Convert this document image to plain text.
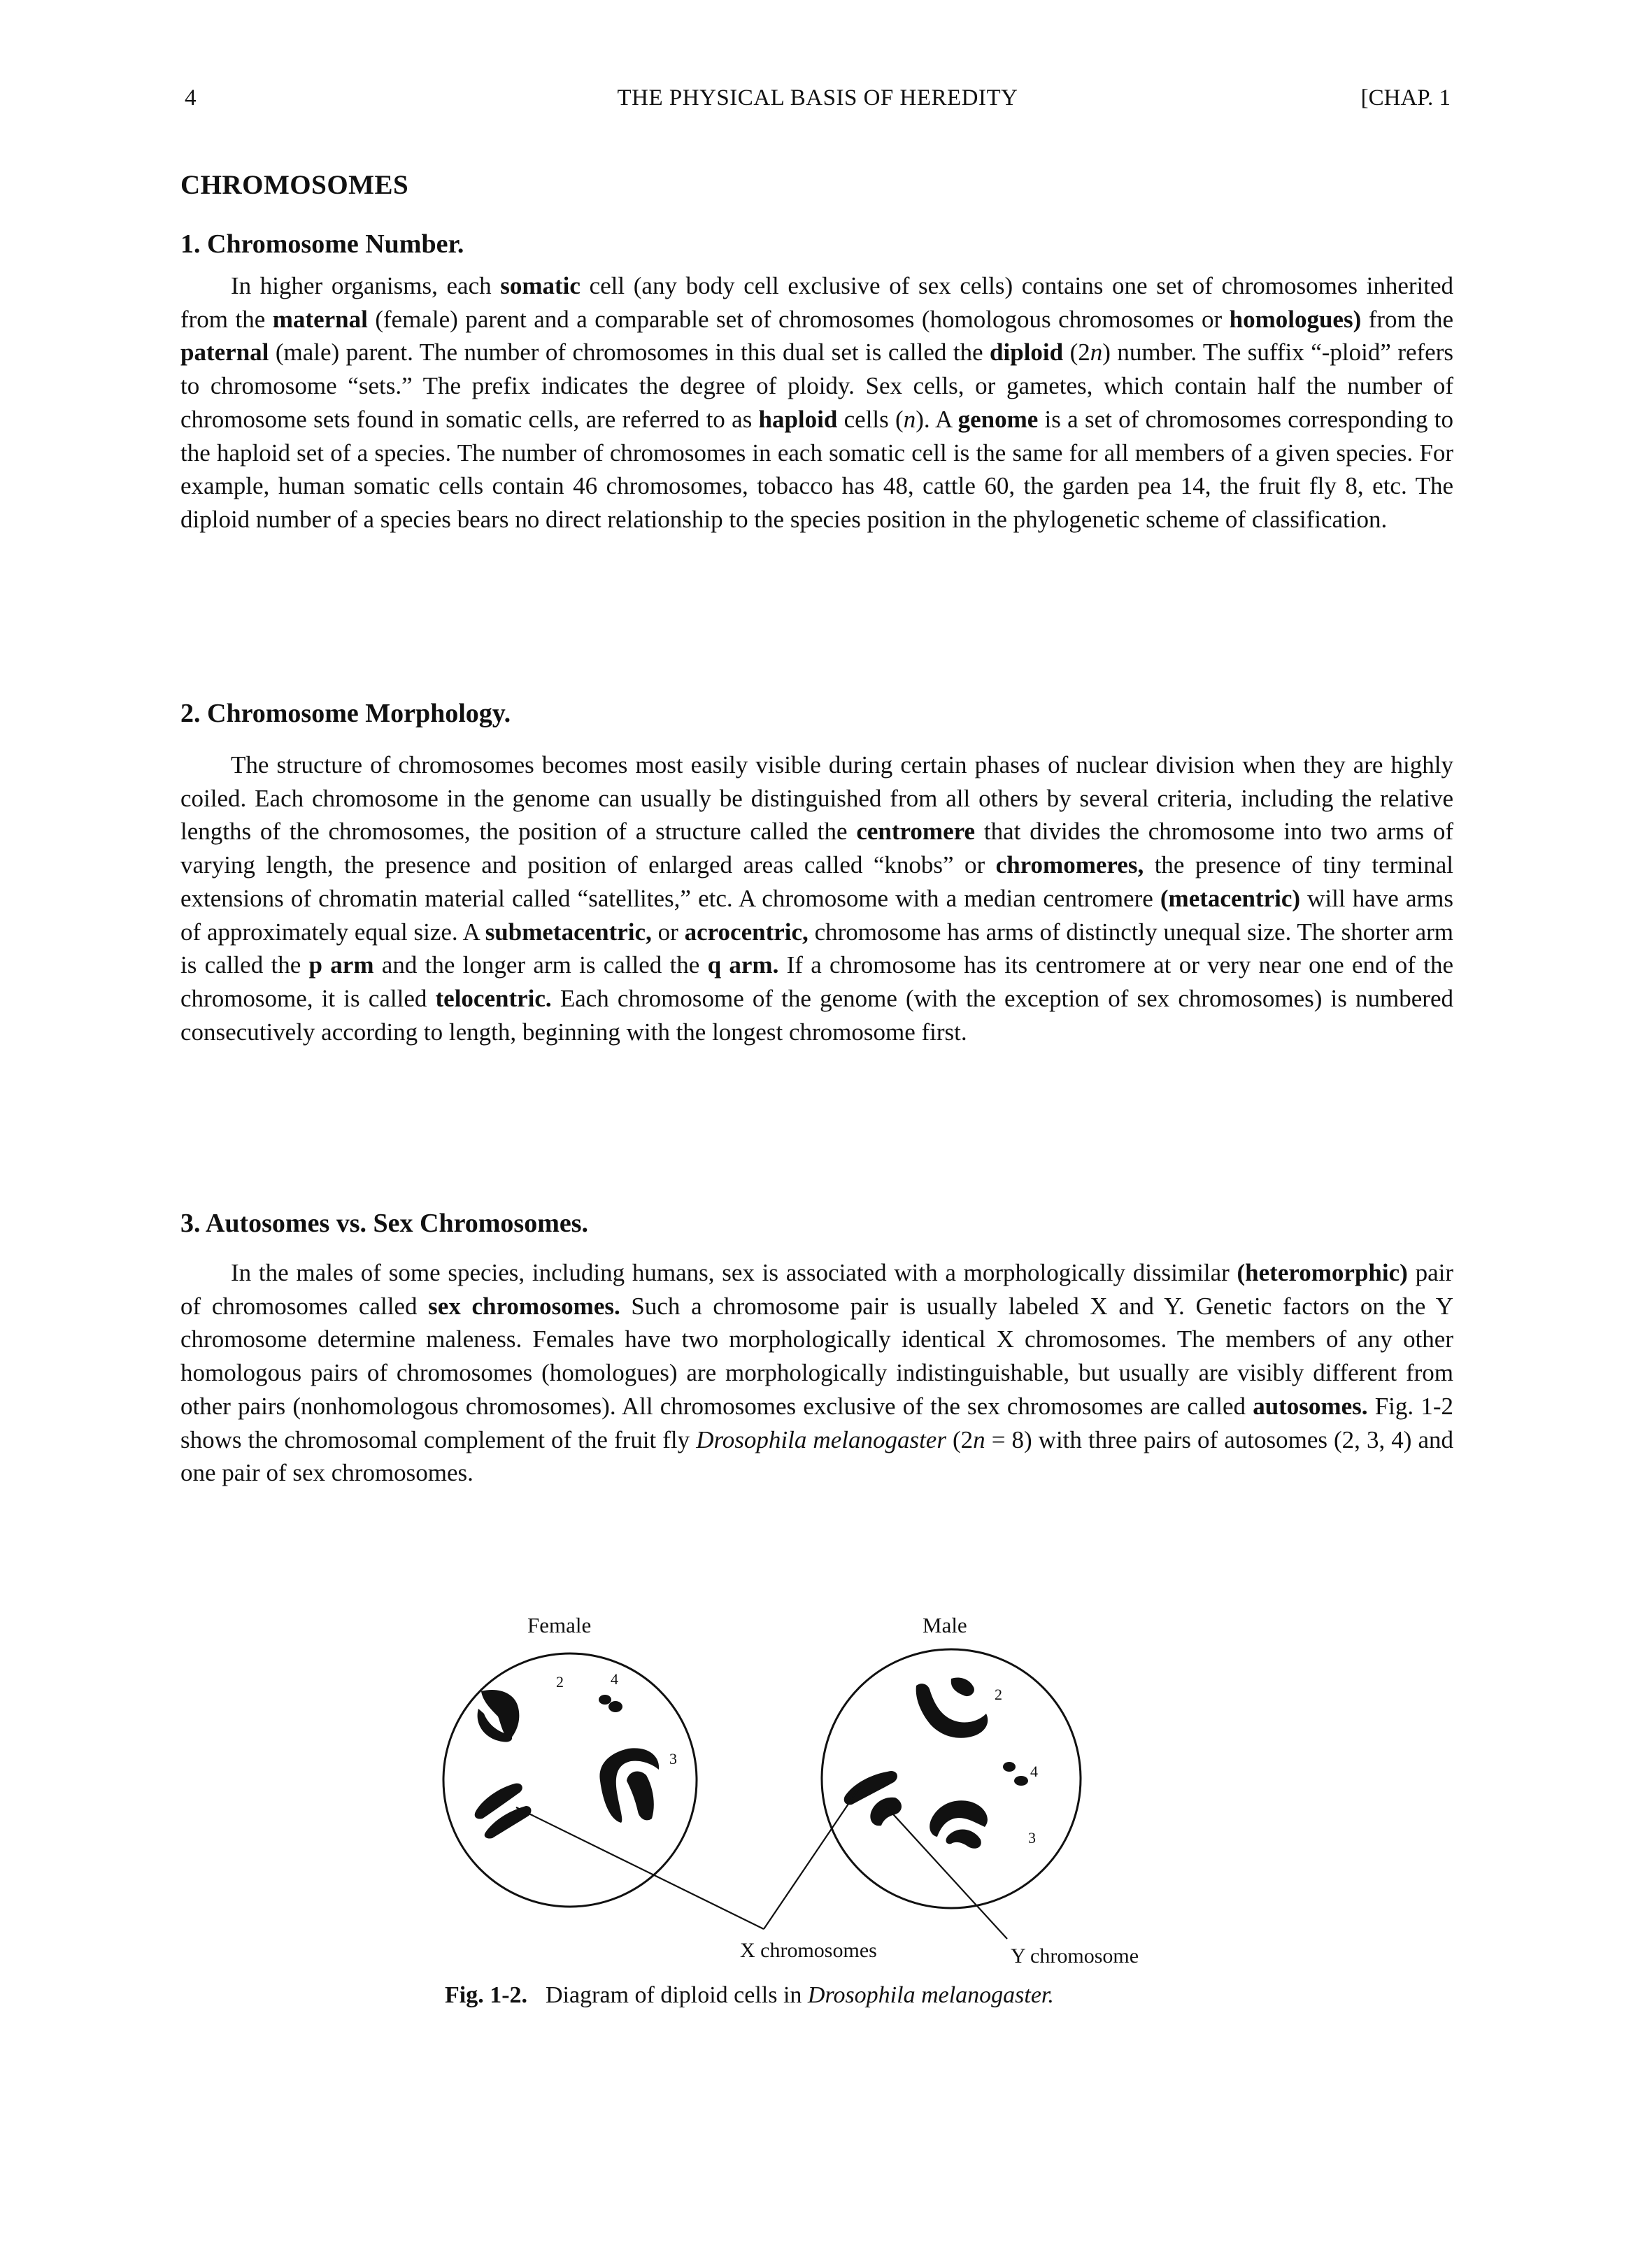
4	THE PHYSICAL BASIS OF HEREDITY	[CHAP. 1
CHROMOSOMES
1. Chromosome Number.

In higher organisms, each somatic cell (any body cell exclusive of sex cells) contains one set of chromosomes inherited from the maternal (female) parent and a comparable set of chromosomes (homologous chromosomes or homologues) from the paternal (male) parent. The number of chromosomes in this dual set is called the diploid (2n) number. The suffix “-ploid” refers to chromosome “sets.” The prefix indicates the degree of ploidy. Sex cells, or gametes, which contain half the number of chromosome sets found in somatic cells, are referred to as haploid cells (n). A genome is a set of chromosomes corresponding to the haploid set of a species. The number of chromosomes in each somatic cell is the same for all members of a given species. For example, human somatic cells contain 46 chromosomes, tobacco has 48, cattle 60, the garden pea 14, the fruit fly 8, etc. The diploid number of a species bears no direct relationship to the species position in the phylogenetic scheme of classification.

2. Chromosome Morphology.

The structure of chromosomes becomes most easily visible during certain phases of nuclear division when they are highly coiled. Each chromosome in the genome can usually be distinguished from all others by several criteria, including the relative lengths of the chromosomes, the position of a structure called the centromere that divides the chromosome into two arms of varying length, the presence and position of enlarged areas called “knobs” or chromomeres, the presence of tiny terminal extensions of chromatin material called “satellites,” etc. A chromosome with a median centromere (metacentric) will have arms of approximately equal size. A submetacentric, or acrocentric, chromosome has arms of distinctly unequal size. The shorter arm is called the p arm and the longer arm is called the q arm. If a chromosome has its centromere at or very near one end of the chromosome, it is called telocentric. Each chromosome of the genome (with the exception of sex chromosomes) is numbered consecutively according to length, beginning with the longest chromosome first.

3. Autosomes vs. Sex Chromosomes.

In the males of some species, including humans, sex is associated with a morphologically dissimilar (heteromorphic) pair of chromosomes called sex chromosomes. Such a chromosome pair is usually labeled X and Y. Genetic factors on the Y chromosome determine maleness. Females have two morphologically identical X chromosomes. The members of any other homologous pairs of chromosomes (homologues) are morphologically indistinguishable, but usually are visibly different from other pairs (nonhomologous chromosomes). All chromosomes exclusive of the sex chromosomes are called autosomes. Fig. 1-2 shows the chromosomal complement of the fruit fly Drosophila melanogaster (2n = 8) with three pairs of autosomes (2, 3, 4) and one pair of sex chromosomes.

Female	Male
2	4
3
2
4
3
X chromosomes	Y chromosome
Fig. 1-2. Diagram of diploid cells in Drosophila melanogaster.
